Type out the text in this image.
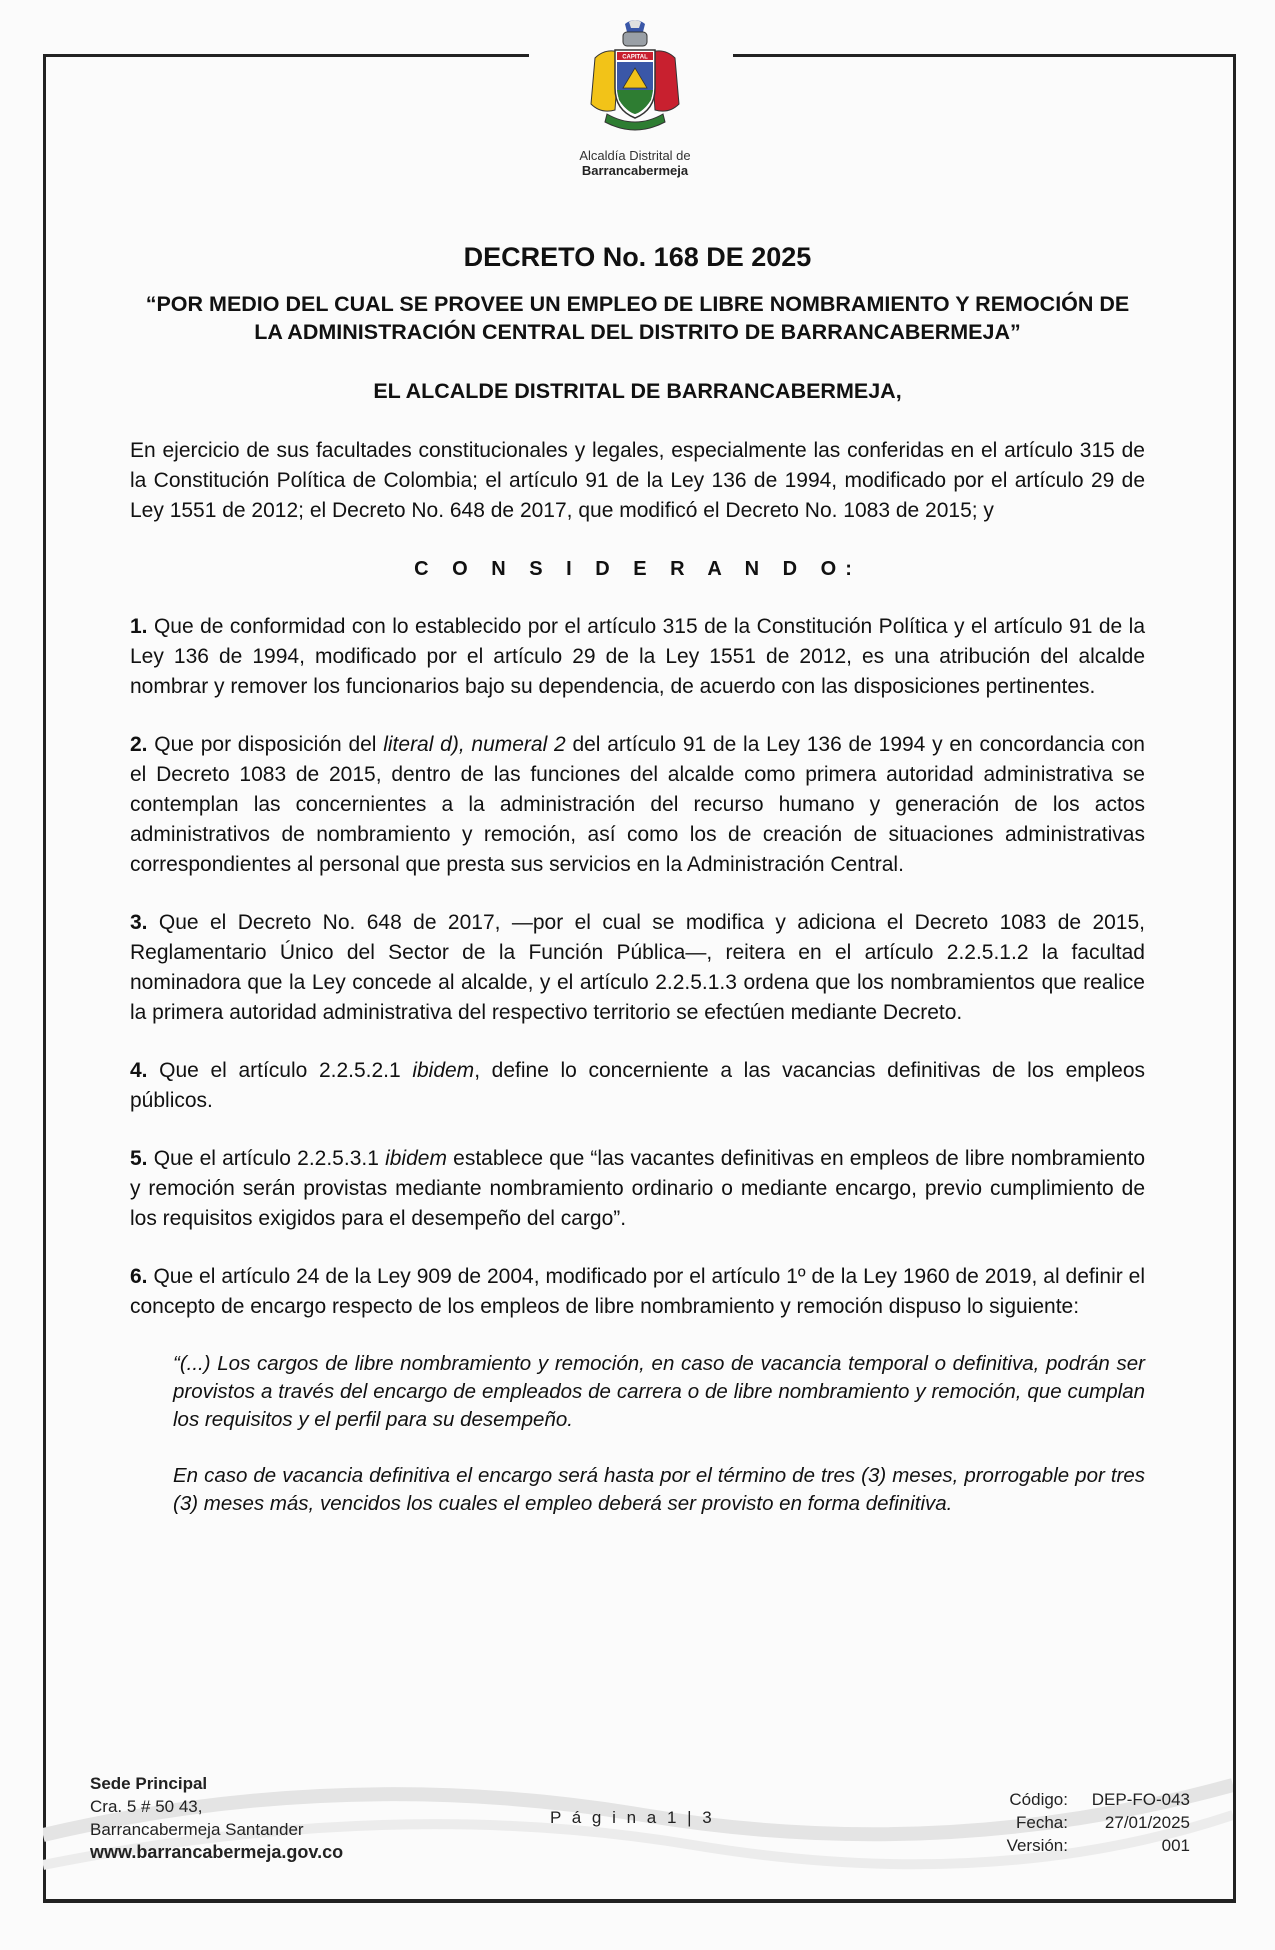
CAPITAL
Alcaldía Distrital de
Barrancabermeja
DECRETO No. 168 DE 2025
“POR MEDIO DEL CUAL SE PROVEE UN EMPLEO DE LIBRE NOMBRAMIENTO Y REMOCIÓN DE LA ADMINISTRACIÓN CENTRAL DEL DISTRITO DE BARRANCABERMEJA”
EL ALCALDE DISTRITAL DE BARRANCABERMEJA,

En ejercicio de sus facultades constitucionales y legales, especialmente las conferidas en el artículo 315 de la Constitución Política de Colombia; el artículo 91 de la Ley 136 de 1994, modificado por el artículo 29 de Ley 1551 de 2012; el Decreto No. 648 de 2017, que modificó el Decreto No. 1083 de 2015; y

C O N S I D E R A N D O:

1. Que de conformidad con lo establecido por el artículo 315 de la Constitución Política y el artículo 91 de la Ley 136 de 1994, modificado por el artículo 29 de la Ley 1551 de 2012, es una atribución del alcalde nombrar y remover los funcionarios bajo su dependencia, de acuerdo con las disposiciones pertinentes.

2. Que por disposición del literal d), numeral 2 del artículo 91 de la Ley 136 de 1994 y en concordancia con el Decreto 1083 de 2015, dentro de las funciones del alcalde como primera autoridad administrativa se contemplan las concernientes a la administración del recurso humano y generación de los actos administrativos de nombramiento y remoción, así como los de creación de situaciones administrativas correspondientes al personal que presta sus servicios en la Administración Central.

3. Que el Decreto No. 648 de 2017, —por el cual se modifica y adiciona el Decreto 1083 de 2015, Reglamentario Único del Sector de la Función Pública—, reitera en el artículo 2.2.5.1.2 la facultad nominadora que la Ley concede al alcalde, y el artículo 2.2.5.1.3 ordena que los nombramientos que realice la primera autoridad administrativa del respectivo territorio se efectúen mediante Decreto.

4. Que el artículo 2.2.5.2.1 ibidem, define lo concerniente a las vacancias definitivas de los empleos públicos.

5. Que el artículo 2.2.5.3.1 ibidem establece que “las vacantes definitivas en empleos de libre nombramiento y remoción serán provistas mediante nombramiento ordinario o mediante encargo, previo cumplimiento de los requisitos exigidos para el desempeño del cargo”.

6. Que el artículo 24 de la Ley 909 de 2004, modificado por el artículo 1º de la Ley 1960 de 2019, al definir el concepto de encargo respecto de los empleos de libre nombramiento y remoción dispuso lo siguiente:

“(...) Los cargos de libre nombramiento y remoción, en caso de vacancia temporal o definitiva, podrán ser provistos a través del encargo de empleados de carrera o de libre nombramiento y remoción, que cumplan los requisitos y el perfil para su desempeño.
En caso de vacancia definitiva el encargo será hasta por el término de tres (3) meses, prorrogable por tres (3) meses más, vencidos los cuales el empleo deberá ser provisto en forma definitiva.
Sede Principal
Cra. 5 # 50 43,
Barrancabermeja Santander
www.barrancabermeja.gov.co
P á g i n a 1 | 3
Código:	DEP-FO-043
Fecha:	27/01/2025
Versión:	001
